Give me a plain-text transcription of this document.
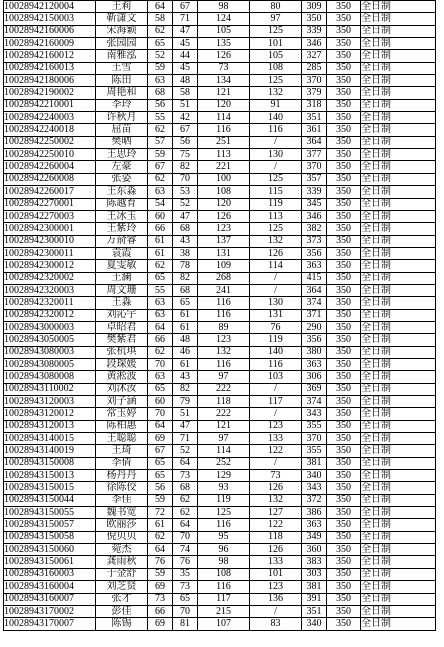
10028942120004	王莉	64	67	98	80	309	350	全日制
10028942150003	靳潇文	58	71	124	97	350	350	全日制
10028942160006	宋海颖	62	47	105	125	339	350	全日制
10028942160009	张园园	65	45	135	101	346	350	全日制
10028942160012	南雅泓	52	44	126	105	327	350	全日制
10028942160013	王雪	59	45	73	108	285	350	全日制
10028942180006	陈田	63	48	134	125	370	350	全日制
10028942190002	周艳和	68	58	121	132	379	350	全日制
10028942210001	李玲	56	51	120	91	318	350	全日制
10028942240003	许秋月	55	42	114	140	351	350	全日制
10028942240018	屈苗	62	67	116	116	361	350	全日制
10028942250002	樊晒	57	56	251	/	364	350	全日制
10028942250010	王思玲	59	75	113	130	377	350	全日制
10028942260004	左豪	67	82	221	/	370	350	全日制
10028942260008	张姿	62	70	100	125	357	350	全日制
10028942260017	王东淼	63	53	108	115	339	350	全日制
10028942270001	陈越育	54	52	120	119	345	350	全日制
10028942270003	王冰玉	60	47	126	113	346	350	全日制
10028942300001	王紫玲	66	68	123	125	382	350	全日制
10028942300010	万俞睿	61	43	137	132	373	350	全日制
10028942300011	袁霞	61	38	131	126	356	350	全日制
10028942300012	夏雯敏	62	78	109	114	363	350	全日制
10028942320002	王澜	65	82	268	/	415	350	全日制
10028942320003	周文珊	55	68	241	/	364	350	全日制
10028942320011	王淼	63	65	116	130	374	350	全日制
10028942320012	刘沁宇	63	61	116	131	371	350	全日制
10028943000003	卓昭君	64	61	89	76	290	350	全日制
10028943050005	樊紫君	66	48	123	119	356	350	全日制
10028943080003	张杭琪	62	46	132	140	380	350	全日制
10028943080005	段琛媛	70	61	116	116	363	350	全日制
10028943080008	黄淞波	63	43	97	103	306	350	全日制
10028943110002	刘沭汝	65	82	222	/	369	350	全日制
10028943120003	刘子涵	60	79	118	117	374	350	全日制
10028943120012	常玉婷	70	51	222	/	343	350	全日制
10028943120013	陈柏惠	64	47	121	123	355	350	全日制
10028943140015	王聪聪	69	71	97	133	370	350	全日制
10028943140019	王琦	67	52	114	122	355	350	全日制
10028943150008	李倩	65	64	252	/	381	350	全日制
10028943150013	杨丹丹	65	73	129	73	340	350	全日制
10028943150015	徐陈佼	56	68	93	126	343	350	全日制
10028943150044	李佳	59	62	119	132	372	350	全日制
10028943150055	魏书宽	72	62	125	127	386	350	全日制
10028943150057	欧丽莎	61	64	116	122	363	350	全日制
10028943150058	倪贝贝	62	70	95	118	349	350	全日制
10028943150060	菀杰	64	74	96	126	360	350	全日制
10028943150061	龚雨秋	76	76	98	133	383	350	全日制
10028943160003	于金舒	59	35	108	101	303	350	全日制
10028943160004	刘芝贤	69	73	116	123	381	350	全日制
10028943160007	张才	73	65	117	136	391	350	全日制
10028943170002	彭佳	66	70	215	/	351	350	全日制
10028943170007	陈锡	69	81	107	83	340	350	全日制
